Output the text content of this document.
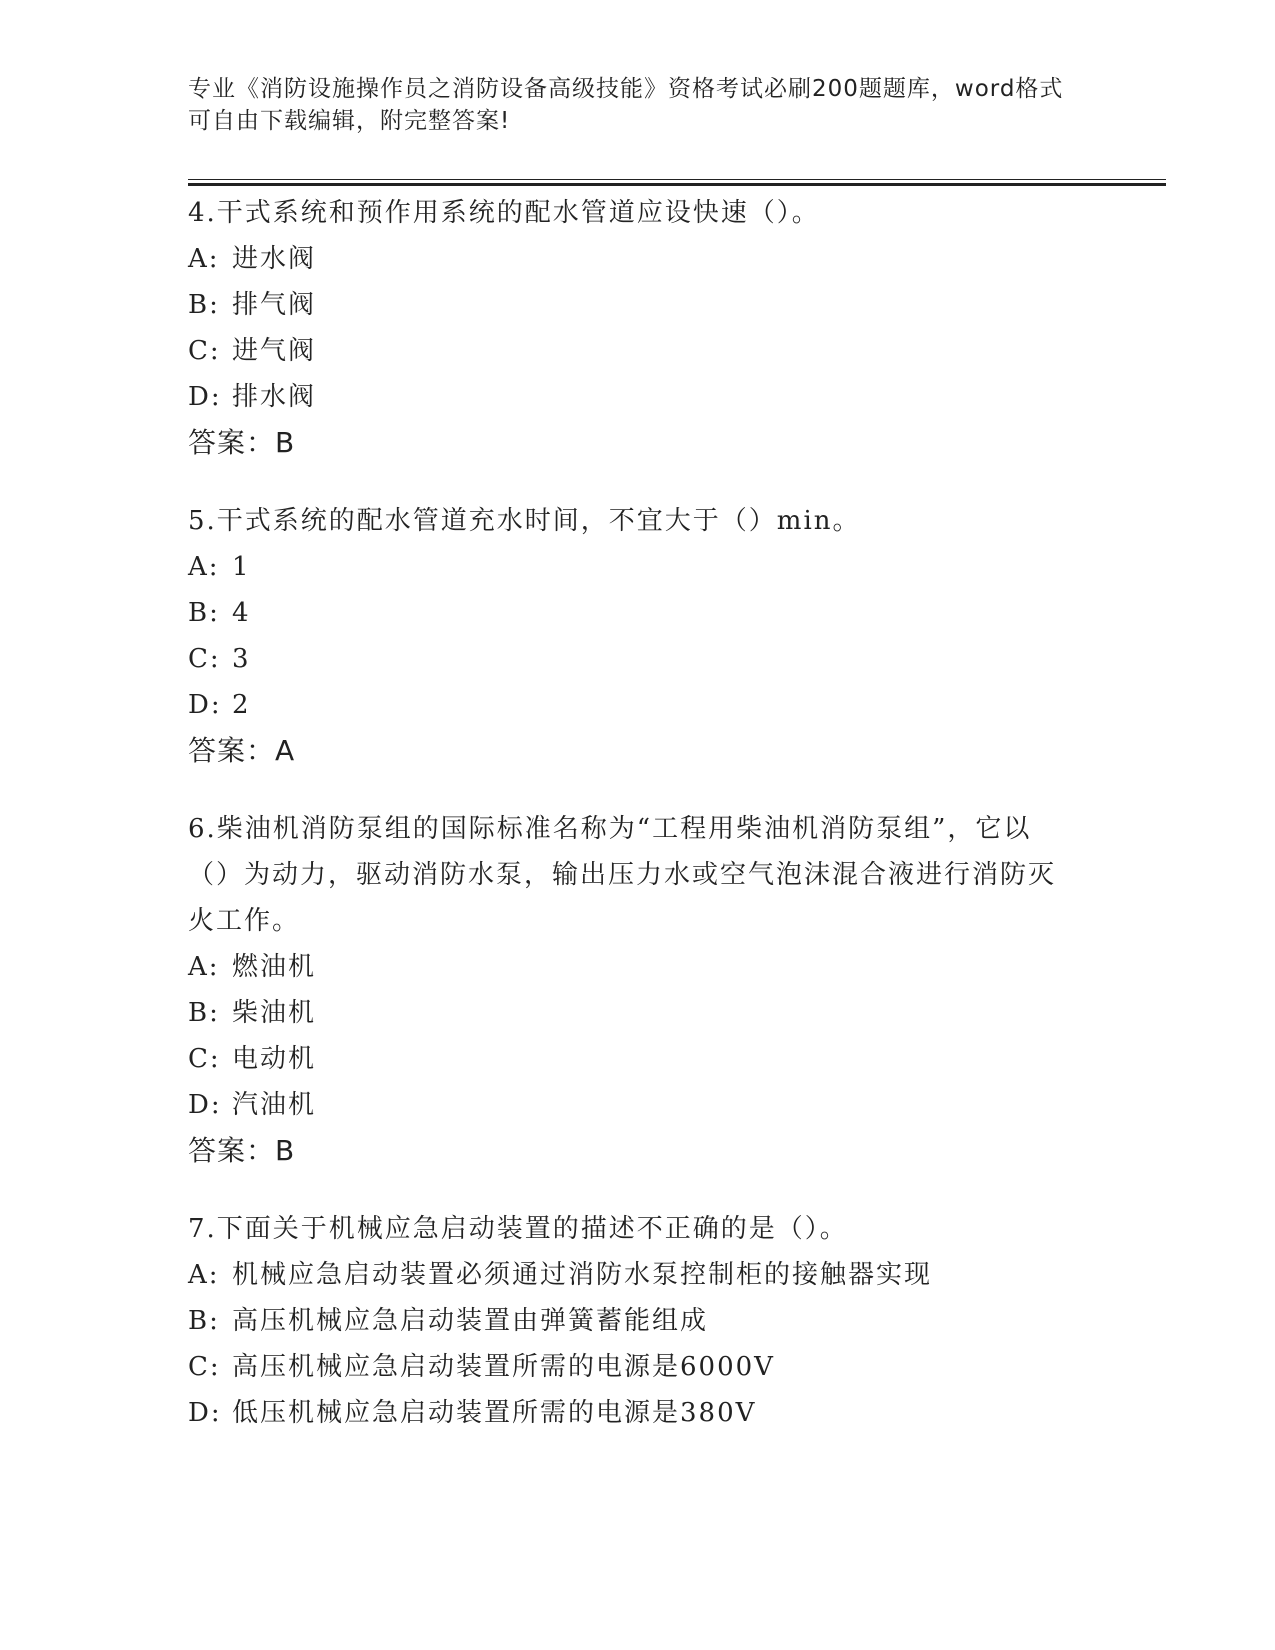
专业《消防设施操作员之消防设备高级技能》资格考试必刷200题题库，word格式可自由下载编辑，附完整答案!

4.干式系统和预作用系统的配水管道应设快速（）。

A: 进水阀

B: 排气阀

C: 进气阀

D: 排水阀

答案：B

5.干式系统的配水管道充水时间，不宜大于（）min。

A: 1

B: 4

C: 3

D: 2

答案：A

6.柴油机消防泵组的国际标准名称为“工程用柴油机消防泵组”，它以（）为动力，驱动消防水泵，输出压力水或空气泡沫混合液进行消防灭火工作。

A: 燃油机

B: 柴油机

C: 电动机

D: 汽油机

答案：B

7.下面关于机械应急启动装置的描述不正确的是（）。

A: 机械应急启动装置必须通过消防水泵控制柜的接触器实现

B: 高压机械应急启动装置由弹簧蓄能组成

C: 高压机械应急启动装置所需的电源是6000V

D: 低压机械应急启动装置所需的电源是380V
